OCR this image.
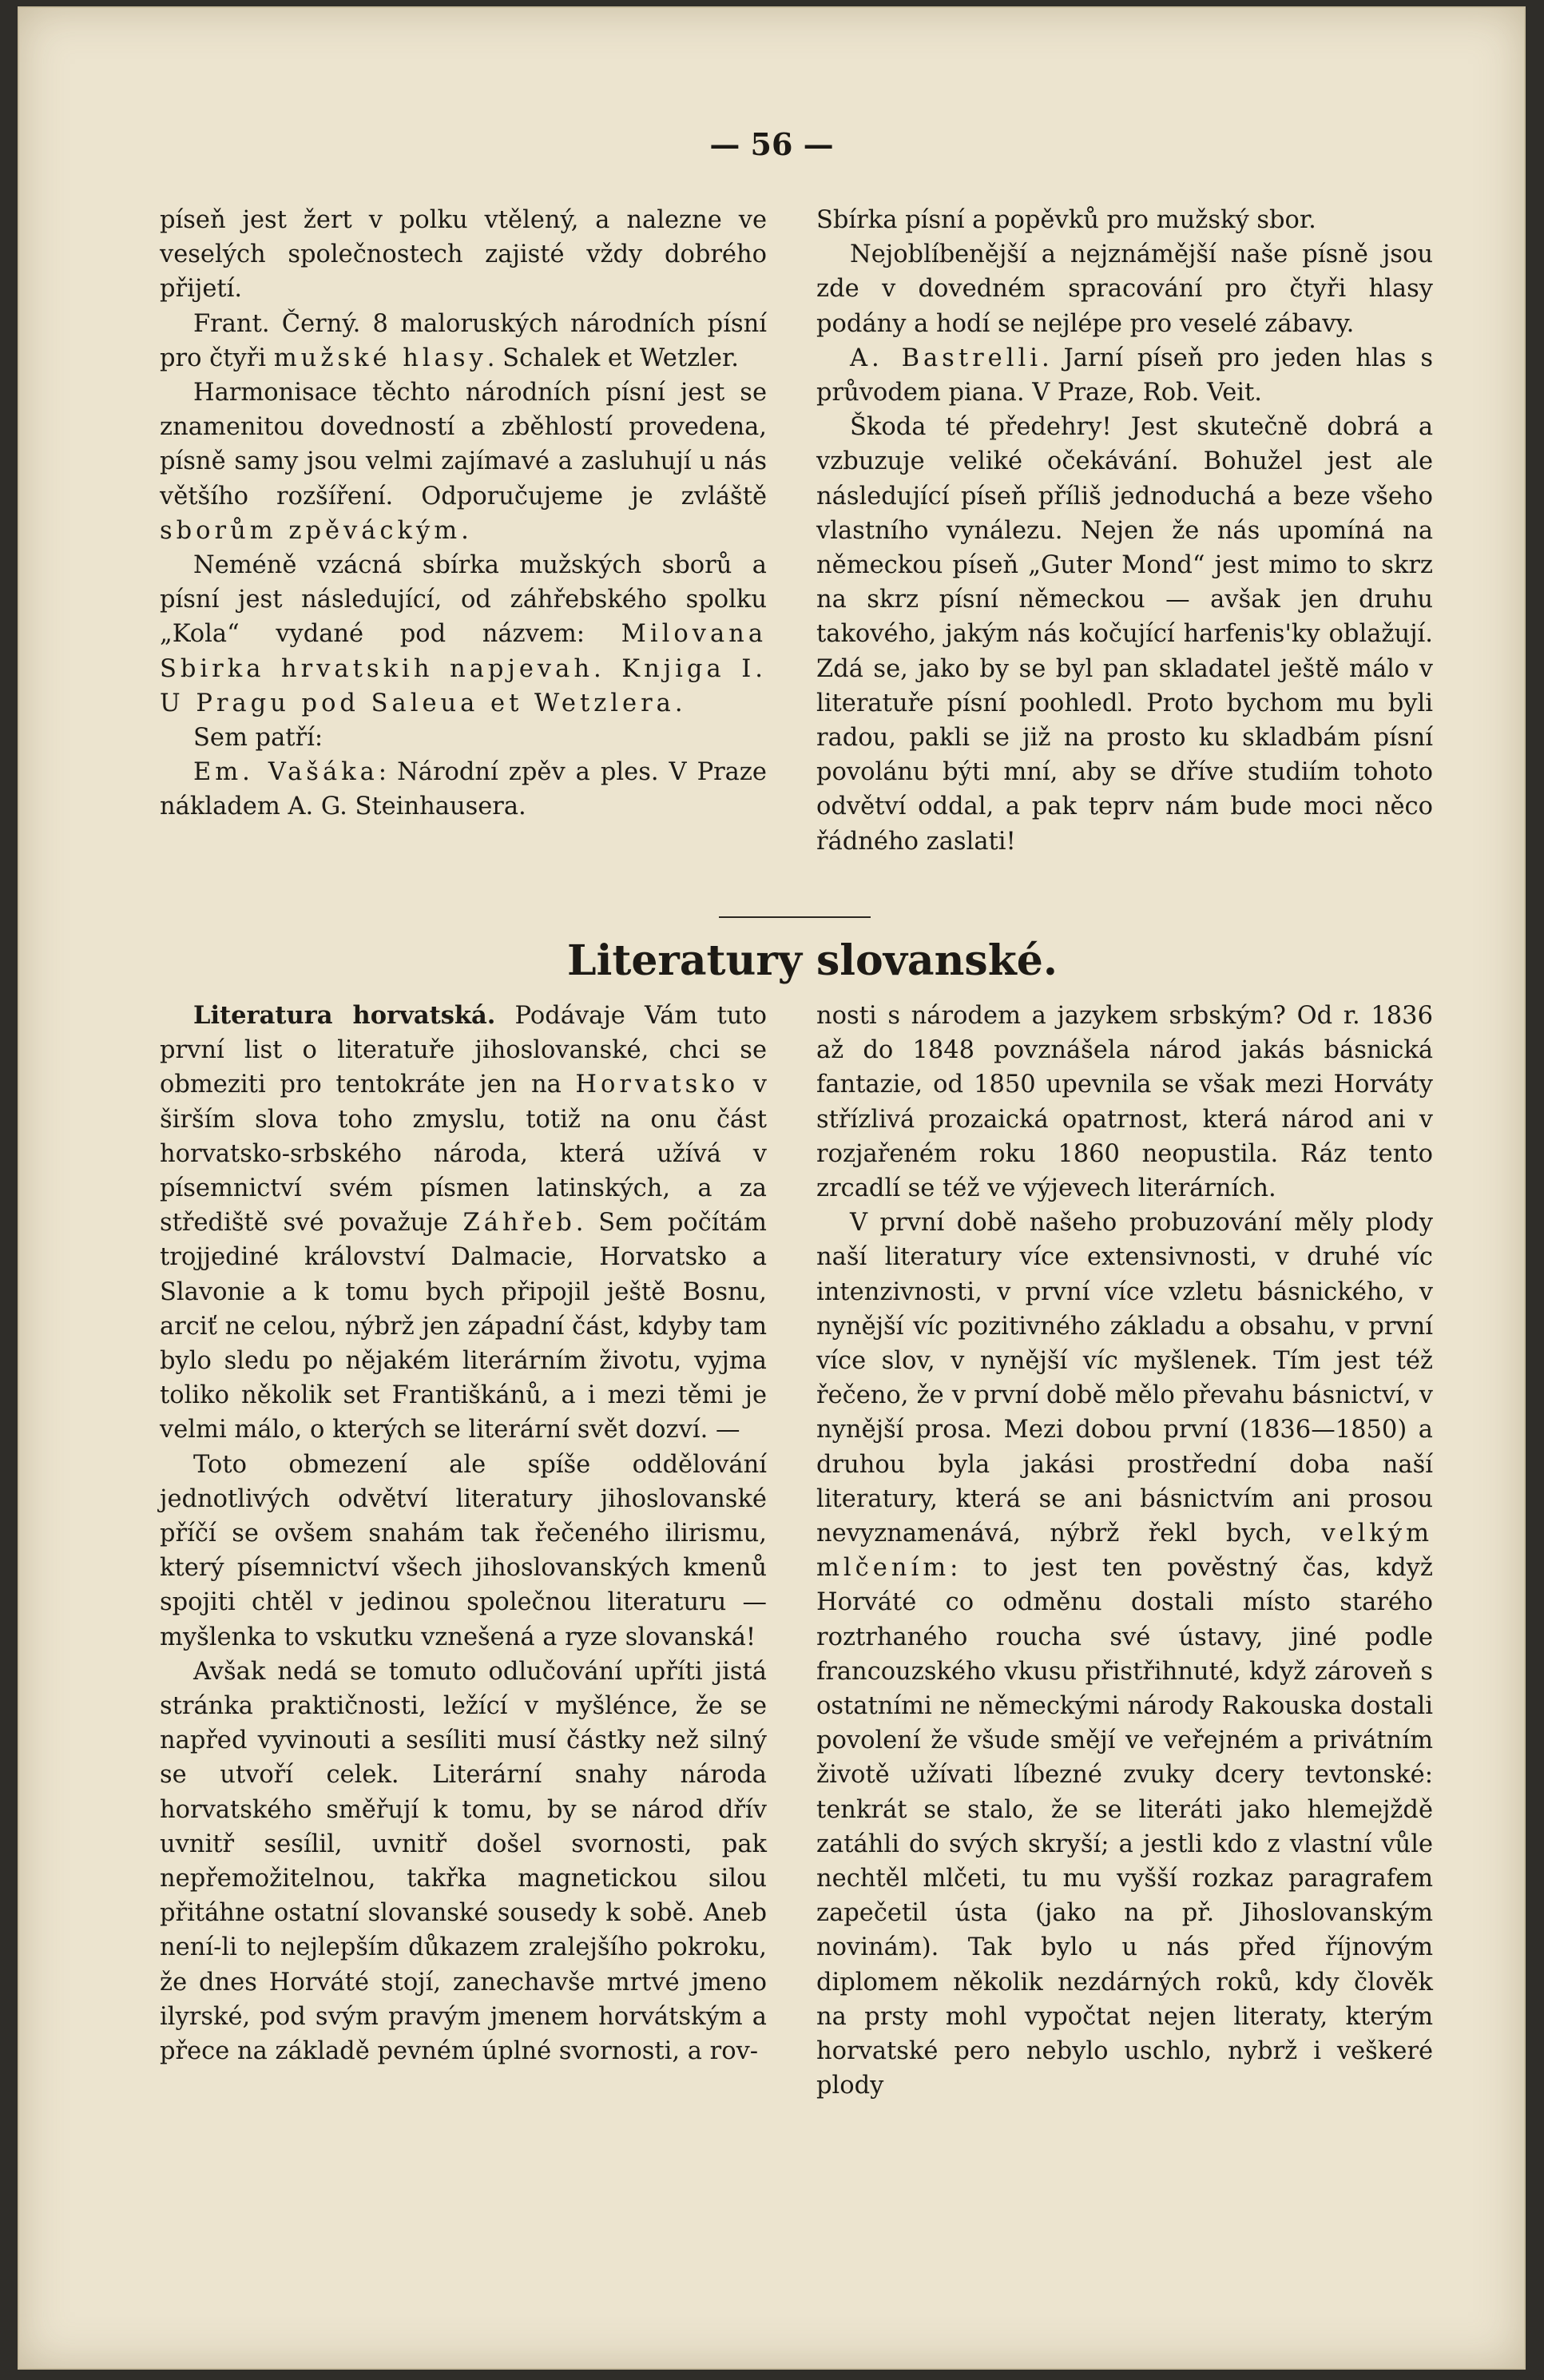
— 56 —

píseň jest žert v polku vtělený, a nalezne ve veselých společnostech zajisté vždy dobrého přijetí.

Frant. Černý. 8 maloruských národních písní pro čtyři mužské hlasy. Schalek et Wetzler.

Harmonisace těchto národních písní jest se znamenitou dovedností a zběhlostí provedena, písně samy jsou velmi zajímavé a zasluhují u nás většího rozšíření. Odporučujeme je zvláště sborům zpěváckým.

Neméně vzácná sbírka mužských sborů a písní jest následující, od záhřebského spolku „Kola“ vydané pod názvem: Milovana Sbirka hrvatskih napjevah. Knjiga I. U Pragu pod Saleua et Wetzlera.

Sem patří:

Em. Vašáka: Národní zpěv a ples. V Praze nákladem A. G. Steinhausera.

Sbírka písní a popěvků pro mužský sbor.

Nejoblíbenější a nejznámější naše písně jsou zde v dovedném spracování pro čtyři hlasy podány a hodí se nejlépe pro veselé zábavy.

A. Bastrelli. Jarní píseň pro jeden hlas s průvodem piana. V Praze, Rob. Veit.

Škoda té předehry! Jest skutečně dobrá a vzbuzuje veliké očekávání. Bohužel jest ale následující píseň příliš jednoduchá a beze všeho vlastního vynálezu. Nejen že nás upomíná na německou píseň „Guter Mond“ jest mimo to skrz na skrz písní německou — avšak jen druhu takového, jakým nás kočující harfenis'ky oblažují. Zdá se, jako by se byl pan skladatel ještě málo v literatuře písní poohledl. Proto bychom mu byli radou, pakli se již na prosto ku skladbám písní povolánu býti mní, aby se dříve studiím tohoto odvětví oddal, a pak teprv nám bude moci něco řádného zaslati!

Literatury slovanské.

Literatura horvatská. Podávaje Vám tuto první list o literatuře jihoslovanské, chci se obmeziti pro tentokráte jen na Horvatsko v širším slova toho zmyslu, totiž na onu část horvatsko-srbského národa, která užívá v písemnictví svém písmen latinských, a za střediště své považuje Záhřeb. Sem počítám trojjediné království Dalmacie, Horvatsko a Slavonie a k tomu bych připojil ještě Bosnu, arciť ne celou, nýbrž jen západní část, kdyby tam bylo sledu po nějakém literárním životu, vyjma toliko několik set Františkánů, a i mezi těmi je velmi málo, o kterých se literární svět dozví. —

Toto obmezení ale spíše oddělování jednotlivých odvětví literatury jihoslovanské příčí se ovšem snahám tak řečeného ilirismu, který písemnictví všech jihoslovanských kmenů spojiti chtěl v jedinou společnou literaturu — myšlenka to vskutku vznešená a ryze slovanská!

Avšak nedá se tomuto odlučování upříti jistá stránka praktičnosti, ležící v myšlénce, že se napřed vyvinouti a sesíliti musí částky než silný se utvoří celek. Literární snahy národa horvatského směřují k tomu, by se národ dřív uvnitř sesílil, uvnitř došel svornosti, pak nepřemožitelnou, takřka magnetickou silou přitáhne ostatní slovanské sousedy k sobě. Aneb není-li to nejlepším důkazem zralejšího pokroku, že dnes Horváté stojí, zanechavše mrtvé jmeno ilyrské, pod svým pravým jmenem horvátským a přece na základě pevném úplné svornosti, a rov-

nosti s národem a jazykem srbským? Od r. 1836 až do 1848 povznášela národ jakás básnická fantazie, od 1850 upevnila se však mezi Horváty střízlivá prozaická opatrnost, která národ ani v rozjařeném roku 1860 neopustila. Ráz tento zrcadlí se též ve výjevech literárních.

V první době našeho probuzování měly plody naší literatury více extensivnosti, v druhé víc intenzivnosti, v první více vzletu básnického, v nynější víc pozitivného základu a obsahu, v první více slov, v nynější víc myšlenek. Tím jest též řečeno, že v první době mělo převahu básnictví, v nynější prosa. Mezi dobou první (1836—1850) a druhou byla jakási prostřední doba naší literatury, která se ani básnictvím ani prosou nevyznamenává, nýbrž řekl bych, velkým mlčením: to jest ten pověstný čas, když Horváté co odměnu dostali místo starého roztrhaného roucha své ústavy, jiné podle francouzského vkusu přistřihnuté, když zároveň s ostatními ne německými národy Rakouska dostali povolení že všude smějí ve veřejném a privátním životě užívati líbezné zvuky dcery tevtonské: tenkrát se stalo, že se literáti jako hlemejždě zatáhli do svých skryší; a jestli kdo z vlastní vůle nechtěl mlčeti, tu mu vyšší rozkaz paragrafem zapečetil ústa (jako na př. Jihoslovanským novinám). Tak bylo u nás před říjnovým diplomem několik nezdárných roků, kdy člověk na prsty mohl vypočtat nejen literaty, kterým horvatské pero nebylo uschlo, nybrž i veškeré plody
